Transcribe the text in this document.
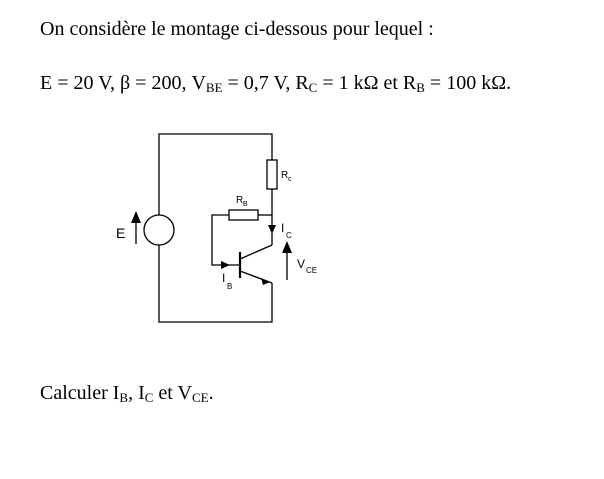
On considère le montage ci-dessous pour lequel :
E = 20 V, β = 200, $V_{BE} = 0,7$ V, $R_C = 1$ kΩ et $R_B = 100$ kΩ.
E
R c
R B
I
C
I
B
V CE
Calculer $I_B$, $I_C$ et $V_{CE}$.
